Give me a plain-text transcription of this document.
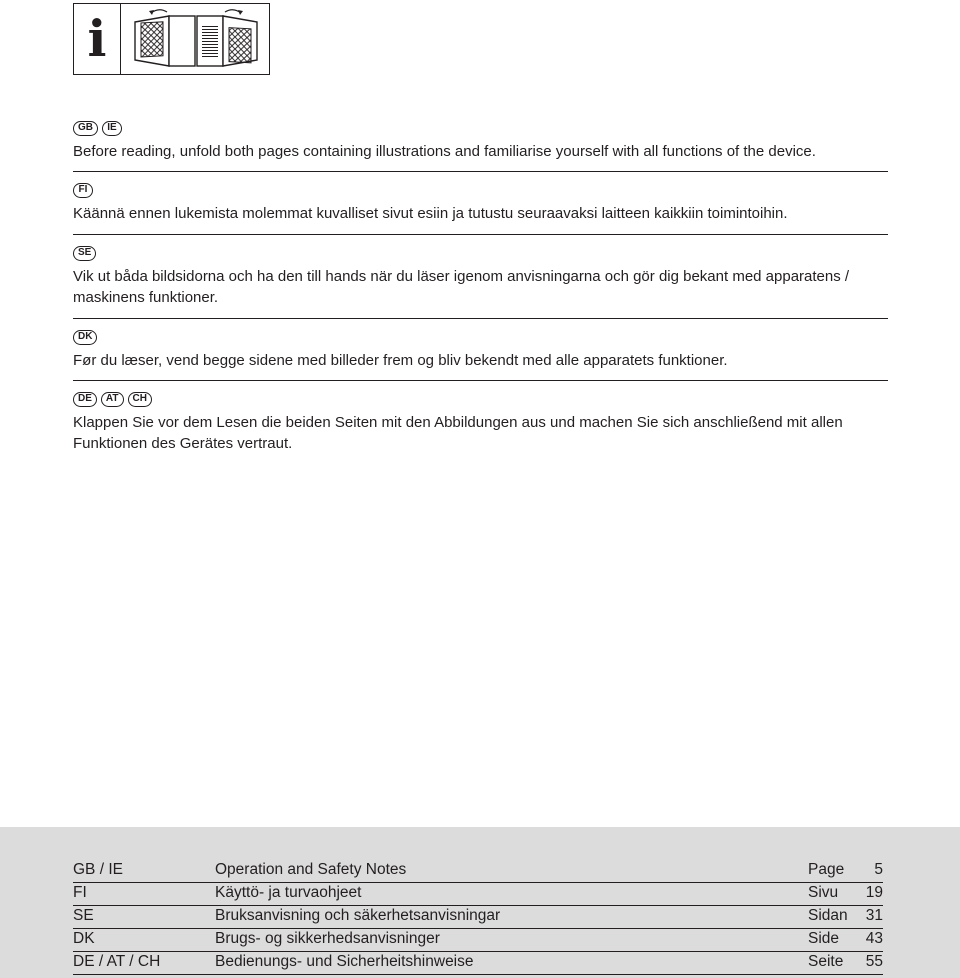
i
GB	IE

Before reading, unfold both pages containing illustrations and familiarise yourself with all functions of the device.

FI

Käännä ennen lukemista molemmat kuvalliset sivut esiin ja tutustu seuraavaksi laitteen kaikkiin toimintoihin.

SE

Vik ut båda bildsidorna och ha den till hands när du läser igenom anvisningarna och gör dig bekant med apparatens / maskinens funktioner.

DK

Før du læser, vend begge sidene med billeder frem og bliv bekendt med alle apparatets funktioner.

DE	AT	CH

Klappen Sie vor dem Lesen die beiden Seiten mit den Abbildungen aus und machen Sie sich anschließend mit allen Funktionen des Gerätes vertraut.

GB / IE	Operation and Safety Notes	Page 5
FI	Käyttö- ja turvaohjeet	Sivu 19
SE	Bruksanvisning och säkerhetsanvisningar	Sidan 31
DK	Brugs- og sikkerhedsanvisninger	Side 43
DE / AT / CH	Bedienungs- und Sicherheitshinweise	Seite 55
